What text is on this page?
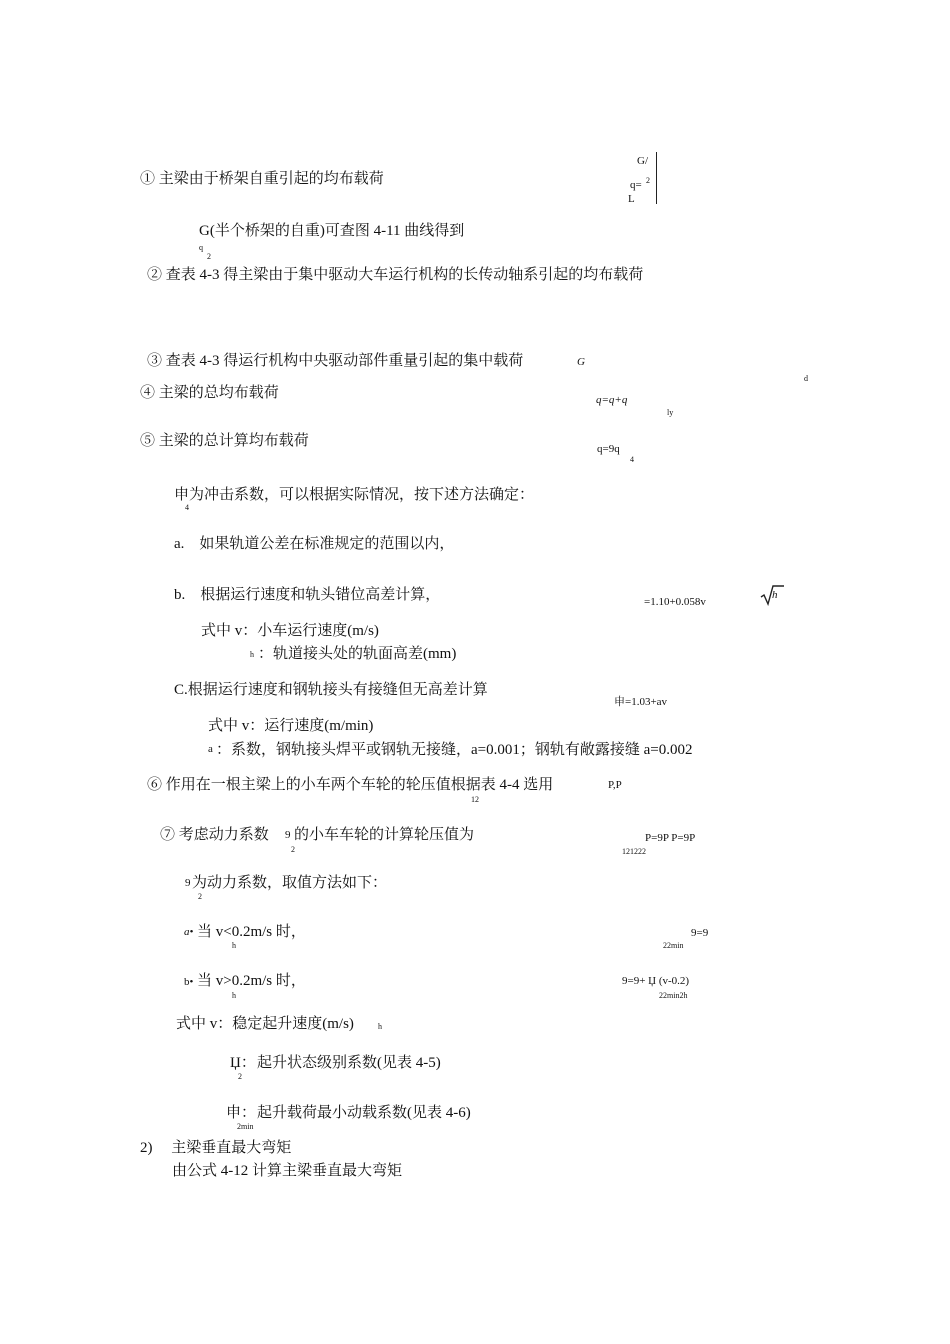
① 主梁由于桥架自重引起的均布载荷
G(半个桥架的自重)可查图 4-11 曲线得到
② 查表 4-3 得主梁由于集中驱动大车运行机构的长传动轴系引起的均布载荷
③ 查表 4-3 得运行机构中央驱动部件重量引起的集中载荷
④ 主梁的总均布载荷
⑤ 主梁的总计算均布载荷
为冲击系数，可以根据实际情况，按下述方法确定：
a.　如果轨道公差在标准规定的范围以内，
b.　根据运行速度和轨头错位高差计算，
式中 v：小车运行速度(m/s)
：轨道接头处的轨面高差(mm)
C.根据运行速度和钢轨接头有接缝但无高差计算
式中 v：运行速度(m/min)
：系数，钢轨接头焊平或钢轨无接缝，a=0.001；钢轨有敞露接缝 a=0.002
⑥ 作用在一根主梁上的小车两个车轮的轮压值根据表 4-4 选用
⑦ 考虑动力系数 的小车车轮的计算轮压值为
为动力系数，取值方法如下：
当 v<0.2m/s 时，
当 v>0.2m/s 时，
式中 v：稳定起升速度(m/s)
起升状态级别系数(见表 4-5)
起升载荷最小动载系数(见表 4-6)
2)　 主梁垂直最大弯矩
由公式 4-12 计算主梁垂直最大弯矩
G/
q= 2
L
q
2
G
d
q=q+q
ly
q=9q
4
申
4
=1.10+0.058v
h
h
申=1.03+av
a
P,P
12
9
2
P=9P P=9P
121222
9
2
a•
h
9=9
22min
b•
h
9=9+ Џ (v-0.2)
22min2h
h
Џ：
2
申：
2min
